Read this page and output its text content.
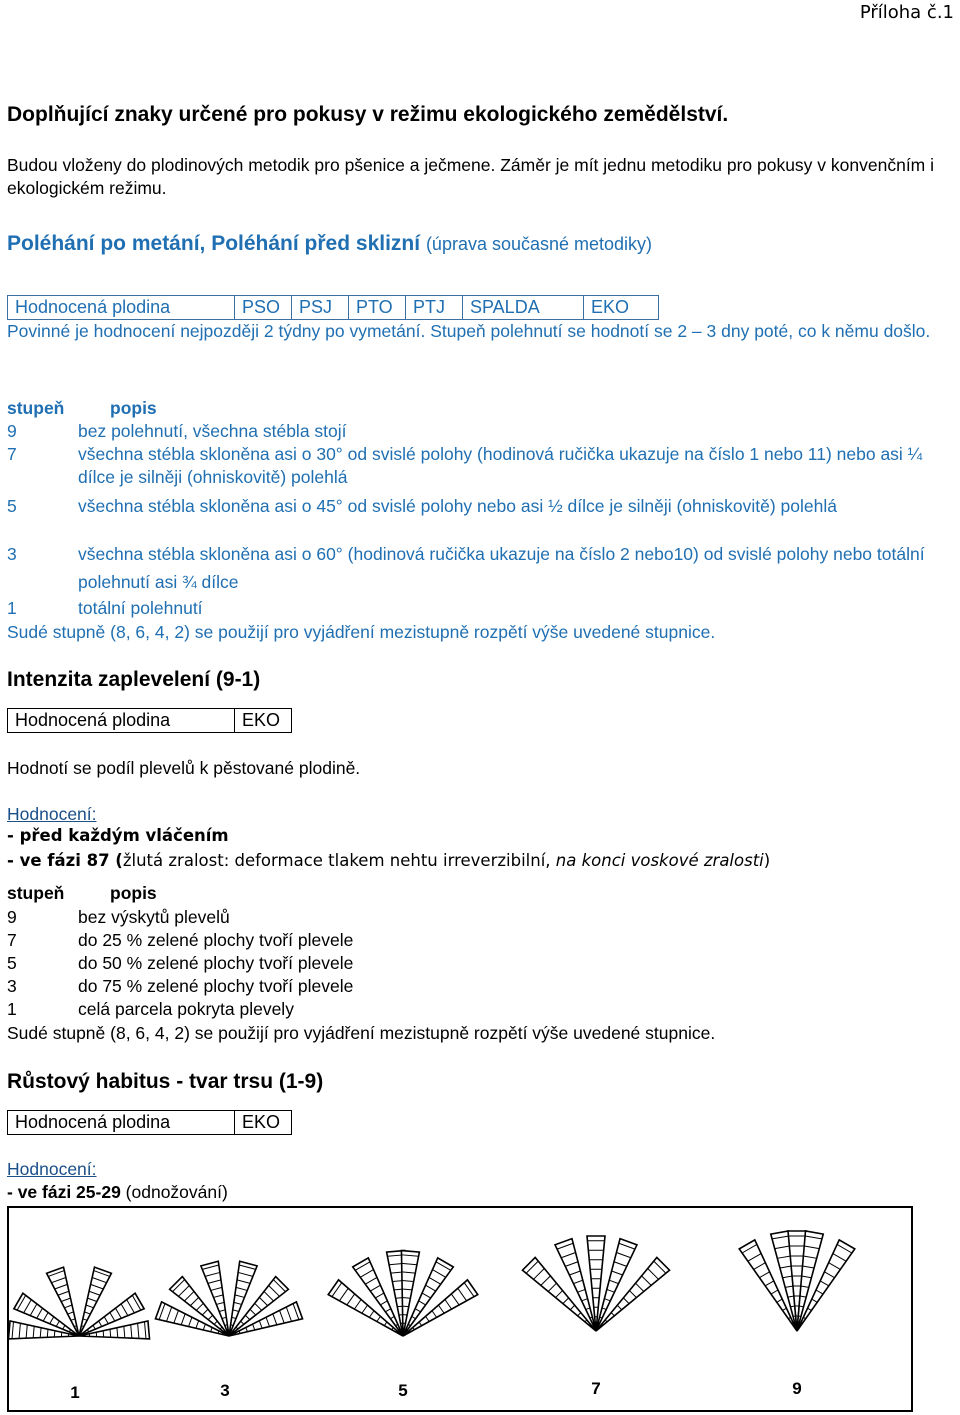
Příloha č.1
Doplňující znaky určené pro pokusy v režimu ekologického zemědělství.
Budou vloženy do plodinových metodik pro pšenice a ječmene. Záměr je mít jednu metodiku pro pokusy v konvenčním i ekologickém režimu.
Poléhání po metání, Poléhání před sklizní (úprava současné metodiky)
Hodnocená plodina	PSO	PSJ	PTO	PTJ	SPALDA	EKO
Povinné je hodnocení nejpozději 2 týdny po vymetání. Stupeň polehnutí se hodnotí se 2 – 3 dny poté, co k němu došlo.
stupeň	popis
9	bez polehnutí, všechna stébla stojí
7	všechna stébla skloněna asi o 30° od svislé polohy (hodinová ručička ukazuje na číslo 1 nebo 11) nebo asi ¼ dílce je silněji (ohniskovitě) polehlá
5	všechna stébla skloněna asi o 45° od svislé polohy nebo asi ½ dílce je silněji (ohniskovitě) polehlá
3	všechna stébla skloněna asi o 60° (hodinová ručička ukazuje na číslo 2 nebo10) od svislé polohy nebo totální polehnutí asi ¾ dílce
1	totální polehnutí
Sudé stupně (8, 6, 4, 2) se použijí pro vyjádření mezistupně rozpětí výše uvedené stupnice.
Intenzita zaplevelení (9-1)
Hodnocená plodina	EKO
Hodnotí se podíl plevelů k pěstované plodině.
Hodnocení:
- před každým vláčením
- ve fázi 87 (žlutá zralost: deformace tlakem nehtu irreverzibilní, na konci voskové zralosti)
stupeň	popis
9	bez výskytů plevelů
7	do 25 % zelené plochy tvoří plevele
5	do 50 % zelené plochy tvoří plevele
3	do 75 % zelené plochy tvoří plevele
1	celá parcela pokryta plevely
Sudé stupně (8, 6, 4, 2) se použijí pro vyjádření mezistupně rozpětí výše uvedené stupnice.
Růstový habitus - tvar trsu (1-9)
Hodnocená plodina	EKO
Hodnocení:
- ve fázi 25-29 (odnožování)
1	3	5	7	9
